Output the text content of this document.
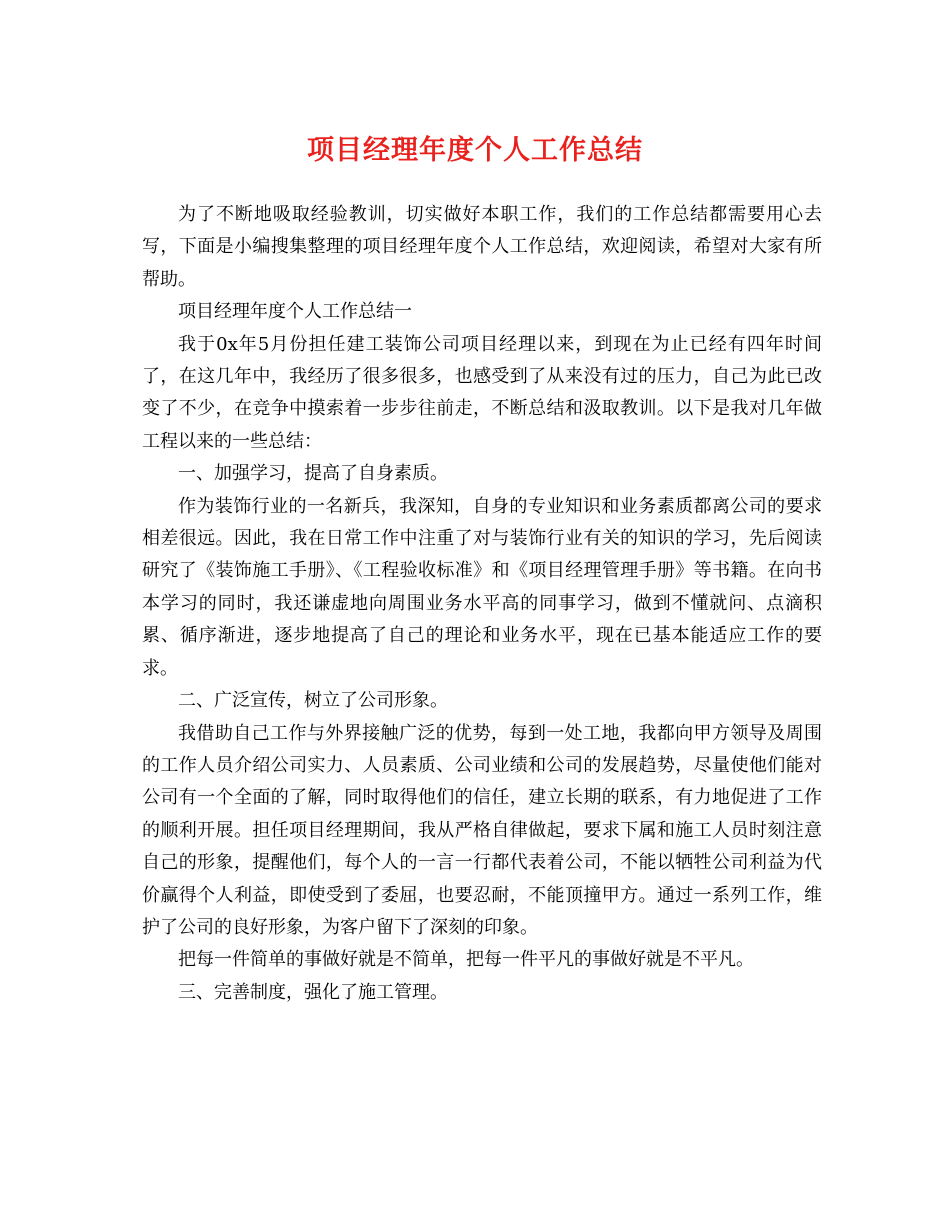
项目经理年度个人工作总结

为了不断地吸取经验教训，切实做好本职工作，我们的工作总结都需要用心去写，下面是小编搜集整理的项目经理年度个人工作总结，欢迎阅读，希望对大家有所帮助。

项目经理年度个人工作总结一

我于0x年5月份担任建工装饰公司项目经理以来，到现在为止已经有四年时间了，在这几年中，我经历了很多很多，也感受到了从来没有过的压力，自己为此已改变了不少，在竞争中摸索着一步步往前走，不断总结和汲取教训。以下是我对几年做工程以来的一些总结：

一、加强学习，提高了自身素质。

作为装饰行业的一名新兵，我深知，自身的专业知识和业务素质都离公司的要求相差很远。因此，我在日常工作中注重了对与装饰行业有关的知识的学习，先后阅读研究了《装饰施工手册》、《工程验收标准》和《项目经理管理手册》等书籍。在向书本学习的同时，我还谦虚地向周围业务水平高的同事学习，做到不懂就问、点滴积累、循序渐进，逐步地提高了自己的理论和业务水平，现在已基本能适应工作的要求。

二、广泛宣传，树立了公司形象。

我借助自己工作与外界接触广泛的优势，每到一处工地，我都向甲方领导及周围的工作人员介绍公司实力、人员素质、公司业绩和公司的发展趋势，尽量使他们能对公司有一个全面的了解，同时取得他们的信任，建立长期的联系，有力地促进了工作的顺利开展。担任项目经理期间，我从严格自律做起，要求下属和施工人员时刻注意自己的形象，提醒他们，每个人的一言一行都代表着公司，不能以牺牲公司利益为代价赢得个人利益，即使受到了委屈，也要忍耐，不能顶撞甲方。通过一系列工作，维护了公司的良好形象，为客户留下了深刻的印象。

把每一件简单的事做好就是不简单，把每一件平凡的事做好就是不平凡。

三、完善制度，强化了施工管理。
